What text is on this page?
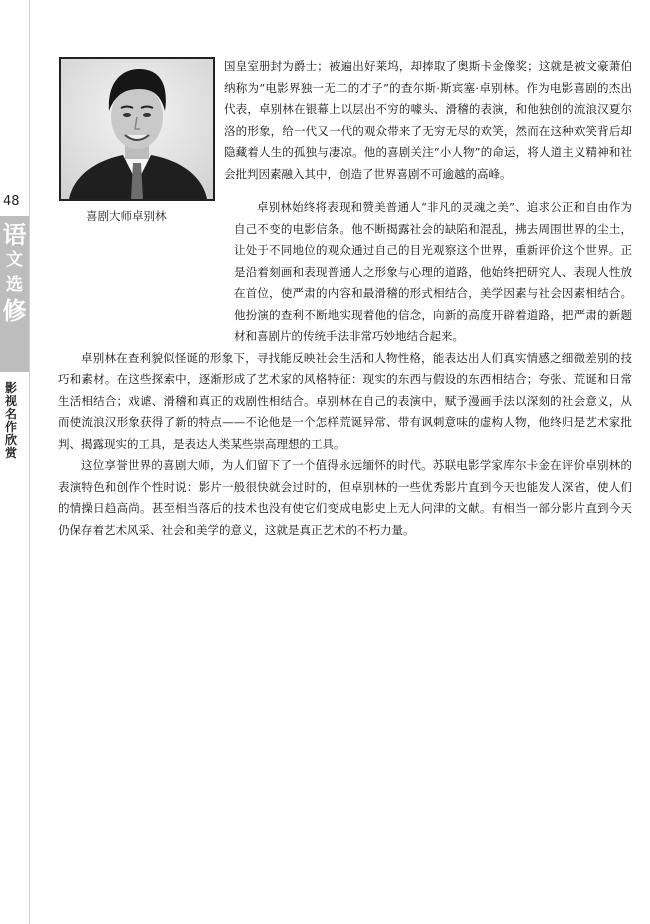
48
语
文
选
修
影视名作欣赏
喜剧大师卓别林

国皇室册封为爵士；被遍出好莱坞，却捧取了奥斯卡金像奖；这就是被文豪萧伯纳称为“电影界独一无二的才子”的查尔斯·斯宾塞·卓别林。作为电影喜剧的杰出代表，卓别林在银幕上以层出不穷的噱头、滑稽的表演，和他独创的流浪汉夏尔洛的形象，给一代又一代的观众带来了无穷无尽的欢笑，然而在这种欢笑背后却隐藏着人生的孤独与凄凉。他的喜剧关注“小人物”的命运，将人道主义精神和社会批判因素融入其中，创造了世界喜剧不可逾越的高峰。

卓别林始终将表现和赞美普通人“非凡的灵魂之美”、追求公正和自由作为自己不变的电影信条。他不断揭露社会的缺陷和混乱，拂去周围世界的尘土，让处于不同地位的观众通过自己的目光观察这个世界，重新评价这个世界。正是沿着刻画和表现普通人之形象与心理的道路，他始终把研究人、表现人性放在首位，使严肃的内容和最滑稽的形式相结合，美学因素与社会因素相结合。他扮演的查利不断地实现着他的信念，向新的高度开辟着道路，把严肃的新题材和喜剧片的传统手法非常巧妙地结合起来。

卓别林在查利貌似怪诞的形象下，寻找能反映社会生活和人物性格，能表达出人们真实情感之细微差别的技巧和素材。在这些探索中，逐渐形成了艺术家的风格特征：现实的东西与假设的东西相结合；夸张、荒诞和日常生活相结合；戏谑、滑稽和真正的戏剧性相结合。卓别林在自己的表演中，赋予漫画手法以深刻的社会意义，从而使流浪汉形象获得了新的特点——不论他是一个怎样荒诞异常、带有讽刺意味的虚构人物，他终归是艺术家批判、揭露现实的工具，是表达人类某些崇高理想的工具。

这位享誉世界的喜剧大师，为人们留下了一个值得永远缅怀的时代。苏联电影学家库尔卡金在评价卓别林的表演特色和创作个性时说：影片一般很快就会过时的，但卓别林的一些优秀影片直到今天也能发人深省，使人们的情操日趋高尚。甚至相当落后的技术也没有使它们变成电影史上无人问津的文献。有相当一部分影片直到今天仍保存着艺术风采、社会和美学的意义，这就是真正艺术的不朽力量。
